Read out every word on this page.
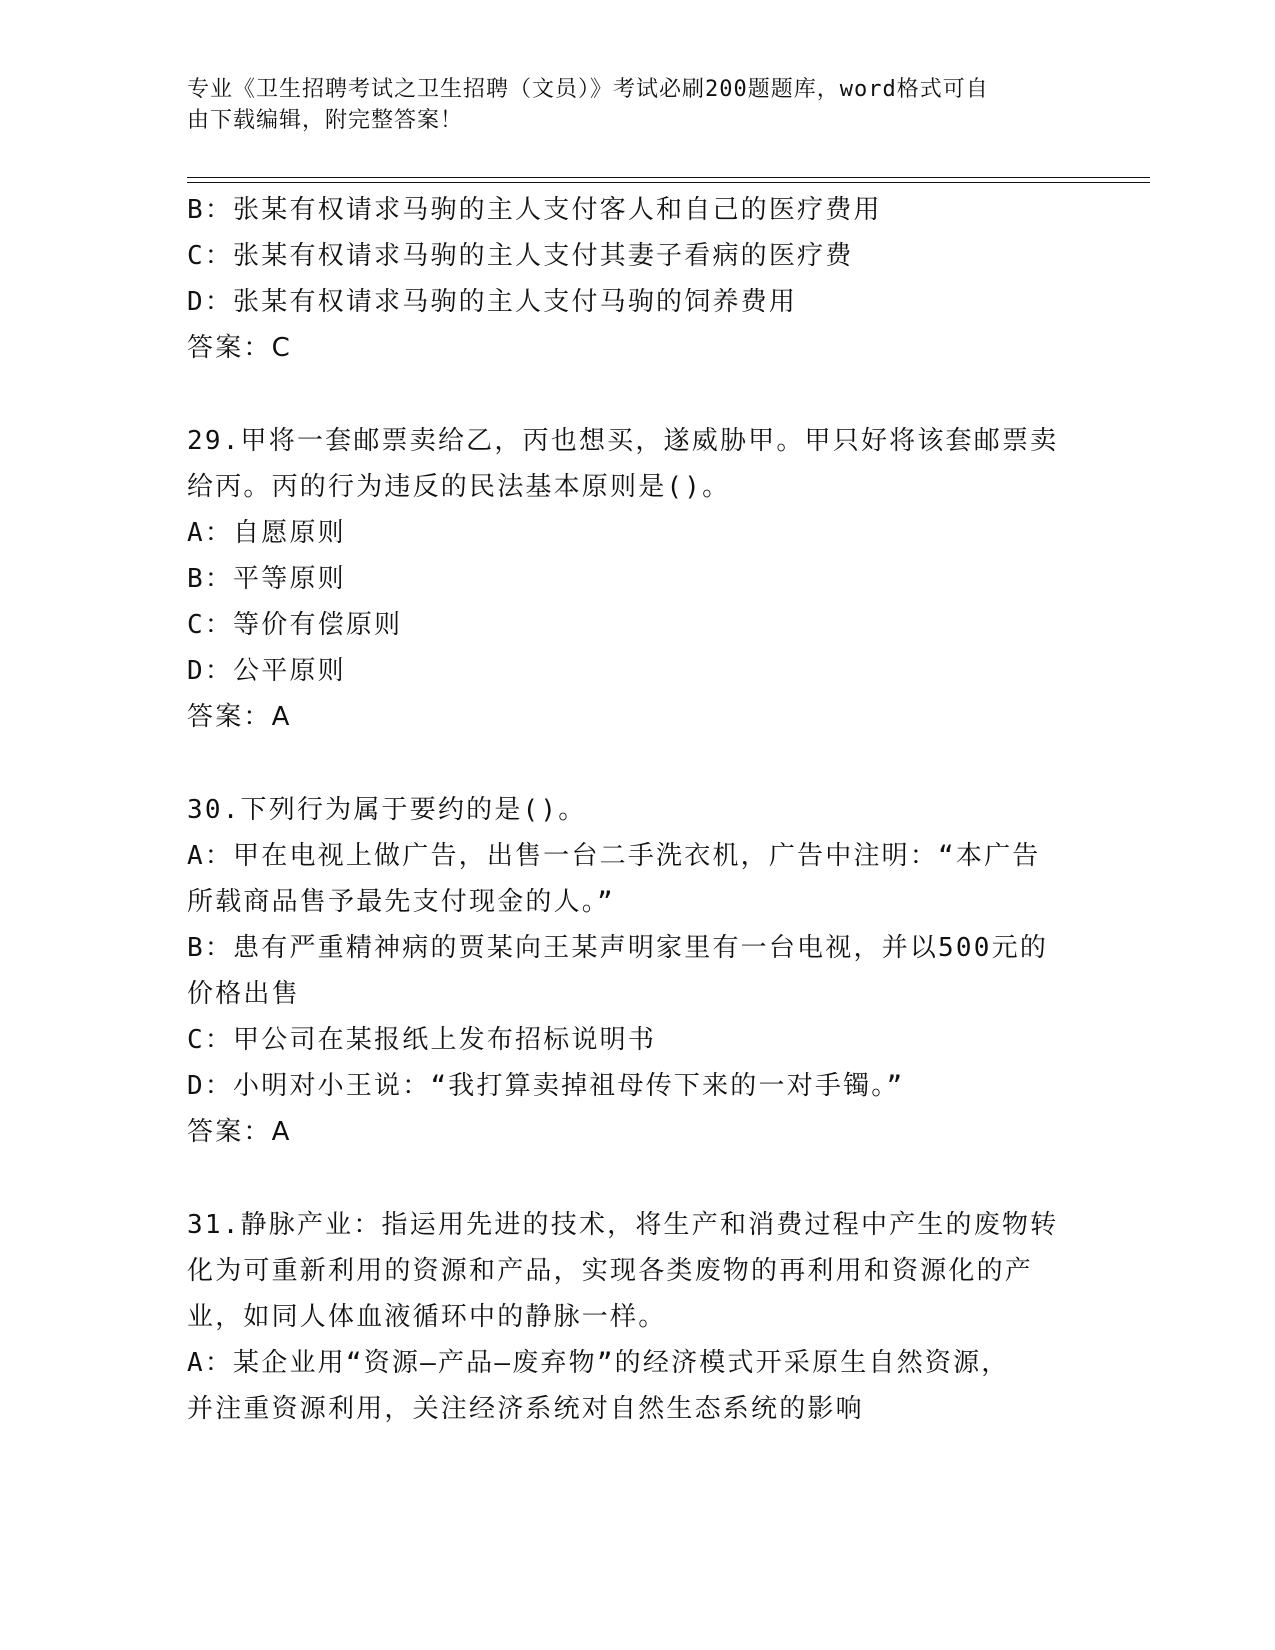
专业《卫生招聘考试之卫生招聘（文员）》考试必刷200题题库，word格式可自
由下载编辑，附完整答案！
B：张某有权请求马驹的主人支付客人和自己的医疗费用
C：张某有权请求马驹的主人支付其妻子看病的医疗费
D：张某有权请求马驹的主人支付马驹的饲养费用
答案：C
29.甲将一套邮票卖给乙，丙也想买，遂威胁甲。甲只好将该套邮票卖
给丙。丙的行为违反的民法基本原则是()。
A：自愿原则
B：平等原则
C：等价有偿原则
D：公平原则
答案：A
30.下列行为属于要约的是()。
A：甲在电视上做广告，出售一台二手洗衣机，广告中注明：“本广告
所载商品售予最先支付现金的人。”
B：患有严重精神病的贾某向王某声明家里有一台电视，并以500元的
价格出售
C：甲公司在某报纸上发布招标说明书
D：小明对小王说：“我打算卖掉祖母传下来的一对手镯。”
答案：A
31.静脉产业：指运用先进的技术，将生产和消费过程中产生的废物转
化为可重新利用的资源和产品，实现各类废物的再利用和资源化的产
业，如同人体血液循环中的静脉一样。
A：某企业用“资源—产品—废弃物”的经济模式开采原生自然资源，
并注重资源利用，关注经济系统对自然生态系统的影响
